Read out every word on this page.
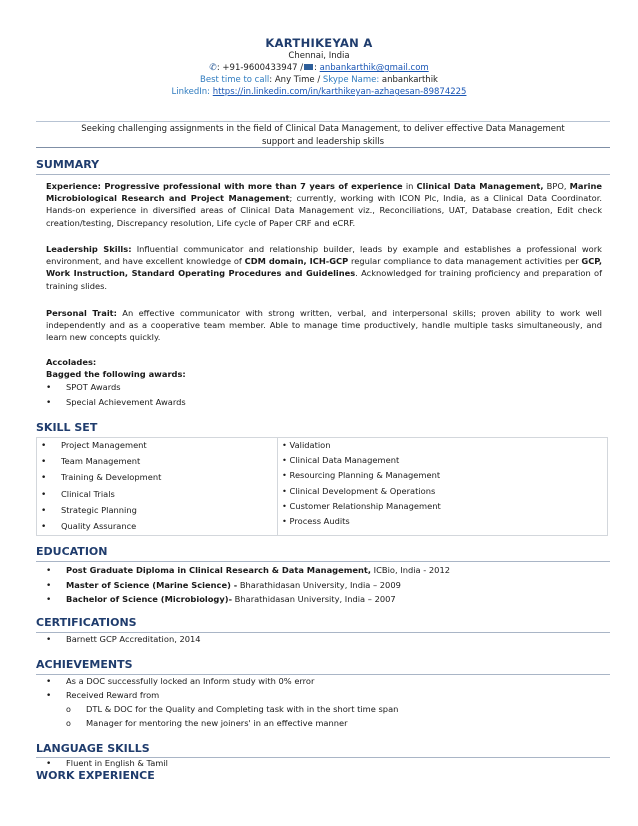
KARTHIKEYAN A
Chennai, India
✆: +91-9600433947 / : anbankarthik@gmail.com
Best time to call: Any Time / Skype Name: anbankarthik
LinkedIn: https://in.linkedin.com/in/karthikeyan-azhagesan-89874225
Seeking challenging assignments in the field of Clinical Data Management, to deliver effective Data Management
support and leadership skills
SUMMARY
Experience: Progressive professional with more than 7 years of experience in Clinical Data Management, BPO, Marine Microbiological Research and Project Management; currently, working with ICON Plc, India, as a Clinical Data Coordinator. Hands-on experience in diversified areas of Clinical Data Management viz., Reconciliations, UAT, Database creation, Edit check creation/testing, Discrepancy resolution, Life cycle of Paper CRF and eCRF.
Leadership Skills: Influential communicator and relationship builder, leads by example and establishes a professional work environment, and have excellent knowledge of CDM domain, ICH-GCP regular compliance to data management activities per GCP, Work Instruction, Standard Operating Procedures and Guidelines. Acknowledged for training proficiency and preparation of training slides.
Personal Trait: An effective communicator with strong written, verbal, and interpersonal skills; proven ability to work well independently and as a cooperative team member. Able to manage time productively, handle multiple tasks simultaneously, and learn new concepts quickly.
Accolades:
Bagged the following awards:
• SPOT Awards
• Special Achievement Awards
SKILL SET
• Project Management
• Team Management
• Training & Development
• Clinical Trials
• Strategic Planning
• Quality Assurance

• Validation
• Clinical Data Management
• Resourcing Planning & Management
• Clinical Development & Operations
• Customer Relationship Management
• Process Audits
EDUCATION
• Post Graduate Diploma in Clinical Research & Data Management, ICBio, India - 2012
• Master of Science (Marine Science) - Bharathidasan University, India – 2009
• Bachelor of Science (Microbiology)- Bharathidasan University, India – 2007
CERTIFICATIONS
• Barnett GCP Accreditation, 2014
ACHIEVEMENTS
• As a DOC successfully locked an Inform study with 0% error
• Received Reward from
o DTL & DOC for the Quality and Completing task with in the short time span
o Manager for mentoring the new joiners' in an effective manner
LANGUAGE SKILLS
• Fluent in English & Tamil
WORK EXPERIENCE
